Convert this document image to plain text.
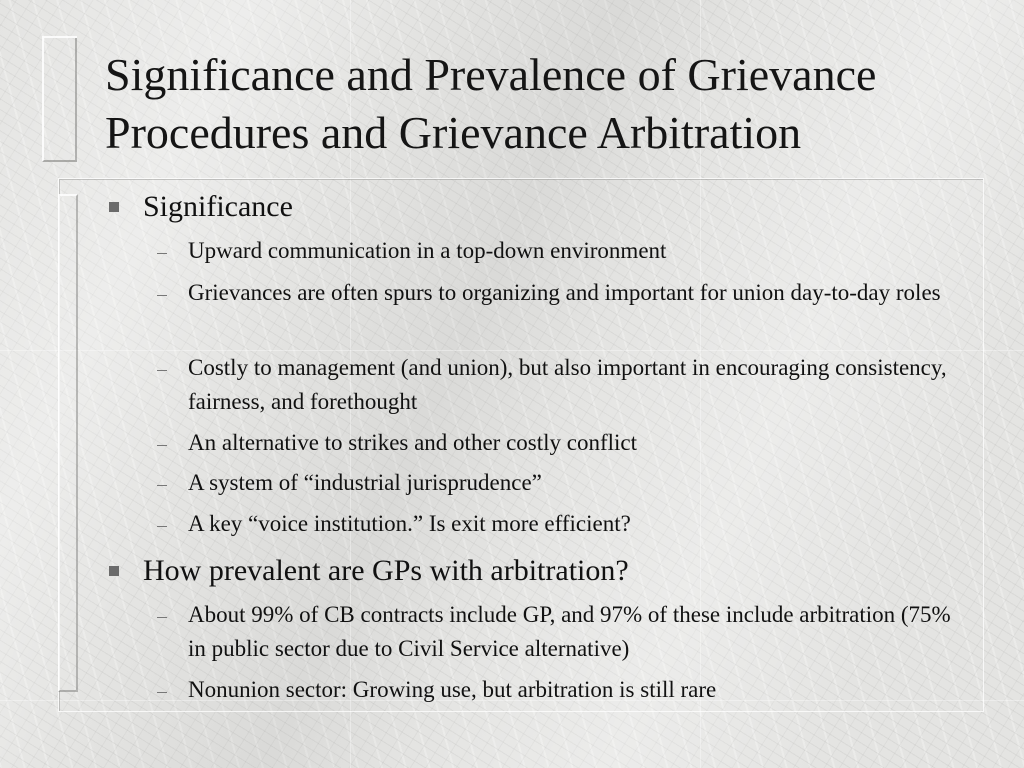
Significance and Prevalence of Grievance Procedures and Grievance Arbitration
Significance
Upward communication in a top-down environment
Grievances are often spurs to organizing and important for union day-to-day roles
Costly to management (and union), but also important in encouraging consistency, fairness, and forethought
An alternative to strikes and other costly conflict
A system of “industrial jurisprudence”
A key “voice institution.” Is exit more efficient?
How prevalent are GPs with arbitration?
About 99% of CB contracts include GP, and 97% of these include arbitration (75% in public sector due to Civil Service alternative)
Nonunion sector: Growing use, but arbitration is still rare
